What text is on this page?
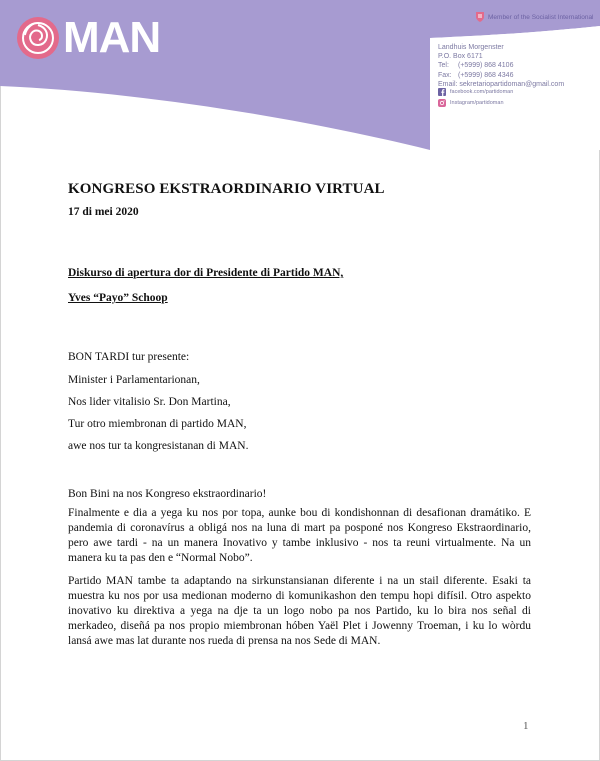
MAN	Member of the Socialist International
Landhuis Morgenster
P.O. Box 6171
Tel:	(+5999) 868 4106
Fax: (+5999) 868 4346
Email: sekretariopartidoman@gmail.com
facebook.com/partidoman
Instagram/partidoman
KONGRESO EKSTRAORDINARIO VIRTUAL
17 di mei 2020
Diskurso di apertura dor di Presidente di Partido MAN,
Yves “Payo” Schoop
BON TARDI tur presente:
Minister i Parlamentarionan,
Nos lider vitalisio Sr. Don Martina,
Tur otro miembronan di partido MAN,
awe nos tur ta kongresistanan di MAN.
Bon Bini na nos Kongreso ekstraordinario!
Finalmente e dia a yega ku nos por topa, aunke bou di kondishonnan di desafionan dramátiko. E pandemia di coronavírus a obligá nos na luna di mart pa posponé nos Kongreso Ekstraordinario, pero awe tardi - na un manera Inovativo y tambe inklusivo - nos ta reuni virtualmente. Na un manera ku ta pas den e “Normal Nobo”.
Partido MAN tambe ta adaptando na sirkunstansianan diferente i na un stail diferente. Esaki ta muestra ku nos por usa medionan moderno di komunikashon den tempu hopi difísil. Otro aspekto inovativo ku direktiva a yega na dje ta un logo nobo pa nos Partido, ku lo bira nos señal di merkadeo, diseñá pa nos propio miembronan hóben Yaël Plet i Jowenny Troeman, i ku lo wòrdu lansá awe mas lat durante nos rueda di prensa na nos Sede di MAN.
1
